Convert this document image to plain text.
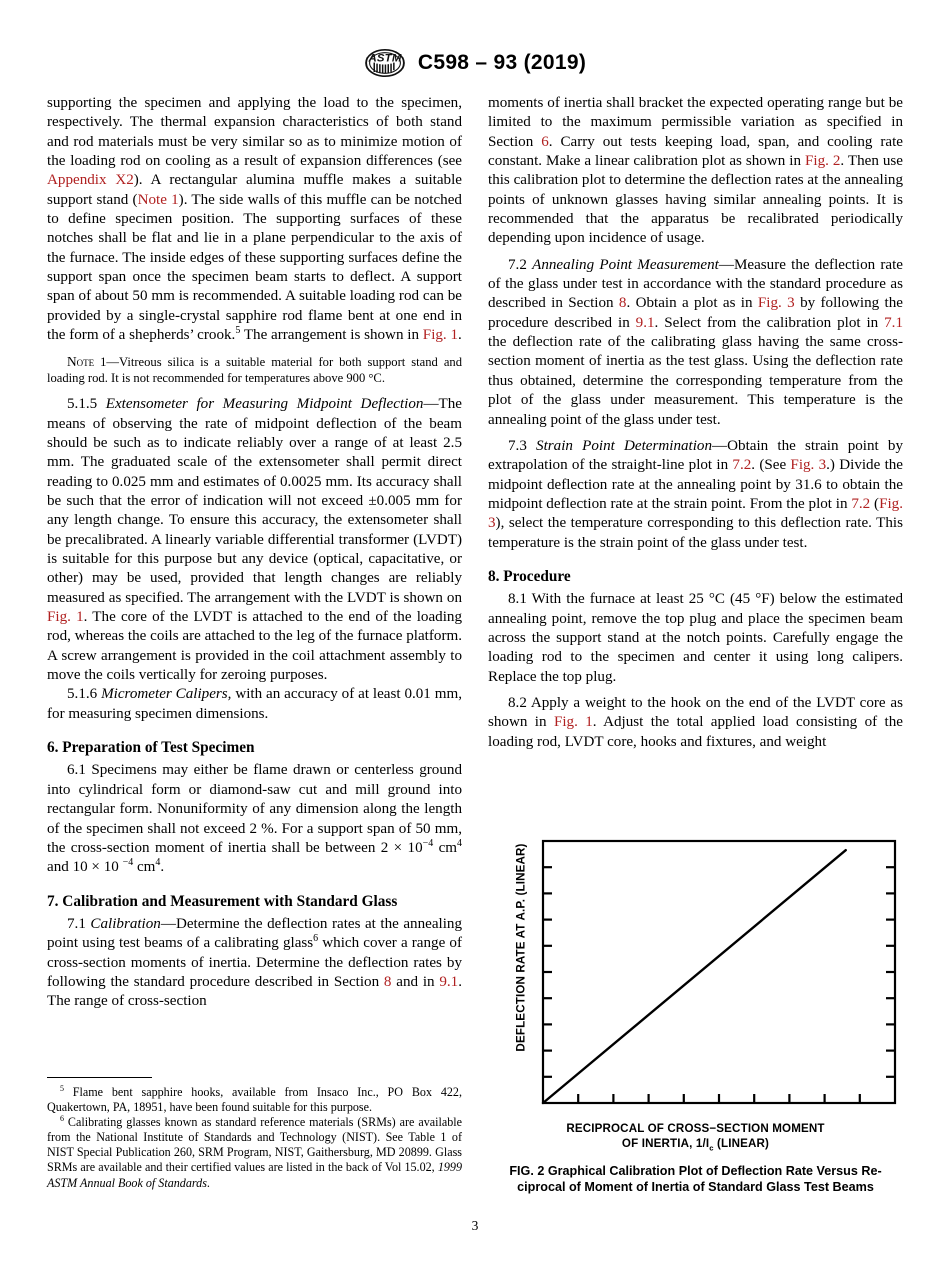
ASTM C598 – 93 (2019)

supporting the specimen and applying the load to the specimen, respectively. The thermal expansion characteristics of both stand and rod materials must be very similar so as to minimize motion of the loading rod on cooling as a result of expansion differences (see Appendix X2). A rectangular alumina muffle makes a suitable support stand (Note 1). The side walls of this muffle can be notched to define specimen position. The supporting surfaces of these notches shall be flat and lie in a plane perpendicular to the axis of the furnace. The inside edges of these supporting surfaces define the support span once the specimen beam starts to deflect. A support span of about 50 mm is recommended. A suitable loading rod can be provided by a single-crystal sapphire rod flame bent at one end in the form of a shepherds’ crook.$^5$ The arrangement is shown in Fig. 1.

Note 1—Vitreous silica is a suitable material for both support stand and loading rod. It is not recommended for temperatures above 900 °C.

5.1.5 Extensometer for Measuring Midpoint Deflection—The means of observing the rate of midpoint deflection of the beam should be such as to indicate reliably over a range of at least 2.5 mm. The graduated scale of the extensometer shall permit direct reading to 0.025 mm and estimates of 0.0025 mm. Its accuracy shall be such that the error of indication will not exceed ±0.005 mm for any length change. To ensure this accuracy, the extensometer shall be precalibrated. A linearly variable differential transformer (LVDT) is suitable for this purpose but any device (optical, capacitative, or other) may be used, provided that length changes are reliably measured as specified. The arrangement with the LVDT is shown on Fig. 1. The core of the LVDT is attached to the end of the loading rod, whereas the coils are attached to the leg of the furnace platform. A screw arrangement is provided in the coil attachment assembly to move the coils vertically for zeroing purposes.

5.1.6 Micrometer Calipers, with an accuracy of at least 0.01 mm, for measuring specimen dimensions.

6. Preparation of Test Specimen

6.1 Specimens may either be flame drawn or centerless ground into cylindrical form or diamond-saw cut and mill ground into rectangular form. Nonuniformity of any dimension along the length of the specimen shall not exceed 2 %. For a support span of 50 mm, the cross-section moment of inertia shall be between $2 \times 10^{-4}$ $cm^4$ and 10 × 10 $^{-4}$ $cm^4$.

7. Calibration and Measurement with Standard Glass

7.1 Calibration—Determine the deflection rates at the annealing point using test beams of a calibrating glass$^6$ which cover a range of cross-section moments of inertia. Determine the deflection rates by following the standard procedure described in Section 8 and in 9.1. The range of cross-section

$^5$ Flame bent sapphire hooks, available from Insaco Inc., PO Box 422, Quakertown, PA, 18951, have been found suitable for this purpose.

$^6$ Calibrating glasses known as standard reference materials (SRMs) are available from the National Institute of Standards and Technology (NIST). See Table 1 of NIST Special Publication 260, SRM Program, NIST, Gaithersburg, MD 20899. Glass SRMs are available and their certified values are listed in the back of Vol 15.02, 1999 ASTM Annual Book of Standards.

moments of inertia shall bracket the expected operating range but be limited to the maximum permissible variation as specified in Section 6. Carry out tests keeping load, span, and cooling rate constant. Make a linear calibration plot as shown in Fig. 2. Then use this calibration plot to determine the deflection rates at the annealing points of unknown glasses having similar annealing points. It is recommended that the apparatus be recalibrated periodically depending upon incidence of usage.

7.2 Annealing Point Measurement—Measure the deflection rate of the glass under test in accordance with the standard procedure as described in Section 8. Obtain a plot as in Fig. 3 by following the procedure described in 9.1. Select from the calibration plot in 7.1 the deflection rate of the calibrating glass having the same cross-section moment of inertia as the test glass. Using the deflection rate thus obtained, determine the corresponding temperature from the plot of the glass under measurement. This temperature is the annealing point of the glass under test.

7.3 Strain Point Determination—Obtain the strain point by extrapolation of the straight-line plot in 7.2. (See Fig. 3.) Divide the midpoint deflection rate at the annealing point by 31.6 to obtain the midpoint deflection rate at the strain point. From the plot in 7.2 (Fig. 3), select the temperature corresponding to this deflection rate. This temperature is the strain point of the glass under test.

8. Procedure

8.1 With the furnace at least 25 °C (45 °F) below the estimated annealing point, remove the top plug and place the specimen beam across the support stand at the notch points. Carefully engage the loading rod to the specimen and center it using long calipers. Replace the top plug.

8.2 Apply a weight to the hook on the end of the LVDT core as shown in Fig. 1. Adjust the total applied load consisting of the loading rod, LVDT core, hooks and fixtures, and weight

DEFLECTION RATE AT A.P. (LINEAR)
RECIPROCAL OF CROSS−SECTION MOMENT
OF INERTIA, $1/I_c$ (LINEAR)
FIG. 2 Graphical Calibration Plot of Deflection Rate Versus Re-
ciprocal of Moment of Inertia of Standard Glass Test Beams
3
